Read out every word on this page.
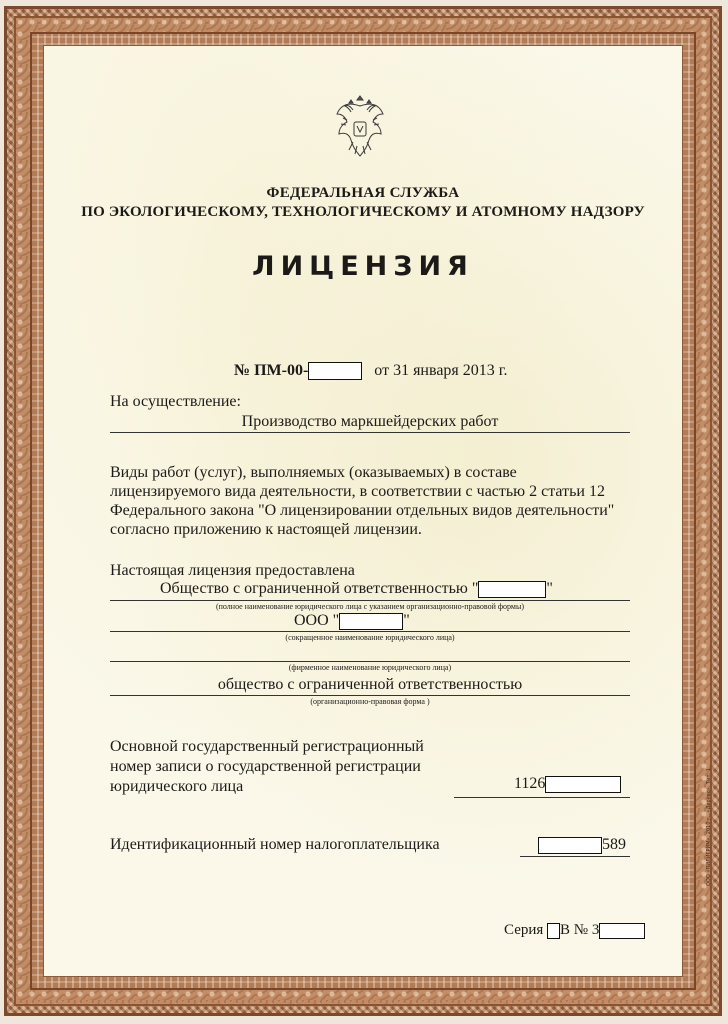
ФЕДЕРАЛЬНАЯ СЛУЖБА
ПО ЭКОЛОГИЧЕСКОМУ, ТЕХНОЛОГИЧЕСКОМУ И АТОМНОМУ НАДЗОРУ
ЛИЦЕНЗИЯ
№ ПМ-00-	от 31 января 2013 г.
На осуществление:
Производство маркшейдерских работ
Виды работ (услуг), выполняемых (оказываемых) в составе
лицензируемого вида деятельности, в соответствии с частью 2 статьи 12
Федерального закона "О лицензировании отдельных видов деятельности"
согласно приложению к настоящей лицензии.
Настоящая лицензия предоставлена
Общество с ограниченной ответственностью "	"
(полное наименование юридического лица с указанием организационно-правовой формы)
ООО "	"
(сокращенное наименование юридического лица)
(фирменное наименование юридического лица)
общество с ограниченной ответственностью
(организационно-правовая форма )
Основной государственный регистрационный
номер записи о государственной регистрации
юридического лица	1126
Идентификационный номер налогоплательщика	589
Серия В № 3
ООО «ПИЛИГРИМ», 2010 г., «Дерево», Тип. 1
